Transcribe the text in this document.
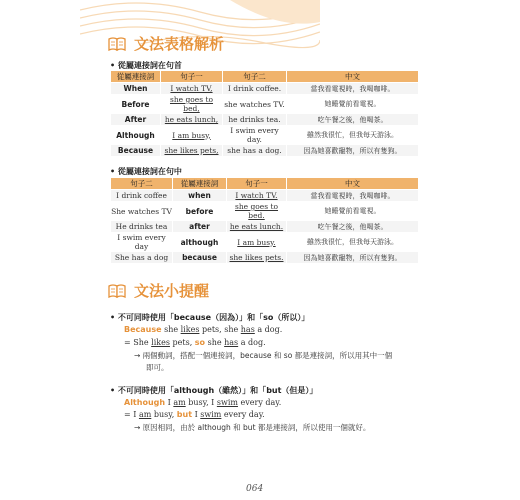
文法表格解析
• 從屬連接詞在句首
從屬連接詞	句子一	句子二	中文
When	I watch TV,	I drink coffee.	當我看電視時，我喝咖啡。
Before	she goes to bed,	she watches TV.	她睡覺前看電視。
After	he eats lunch,	he drinks tea.	吃午餐之後，他喝茶。
Although	I am busy,	I swim every day.	雖然我很忙，但我每天游泳。
Because	she likes pets,	she has a dog.	因為她喜歡寵物，所以有隻狗。
• 從屬連接詞在句中
句子二	從屬連接詞	句子一	中文
I drink coffee	when	I watch TV.	當我看電視時，我喝咖啡。
She watches TV	before	she goes to bed.	她睡覺前看電視。
He drinks tea	after	he eats lunch.	吃午餐之後，他喝茶。
I swim every day	although	I am busy.	雖然我很忙，但我每天游泳。
She has a dog	because	she likes pets.	因為她喜歡寵物，所以有隻狗。
文法小提醒
• 不可同時使用「because（因為）」和「so（所以）」
Because she likes pets, she has a dog.
= She likes pets, so she has a dog.
→ 兩個動詞，搭配一個連接詞，because 和 so 都是連接詞，所以用其中一個
即可。
• 不可同時使用「although（雖然）」和「but（但是）」
Although I am busy, I swim every day.
= I am busy, but I swim every day.
→ 原因相同，由於 although 和 but 都是連接詞，所以使用一個就好。
064
